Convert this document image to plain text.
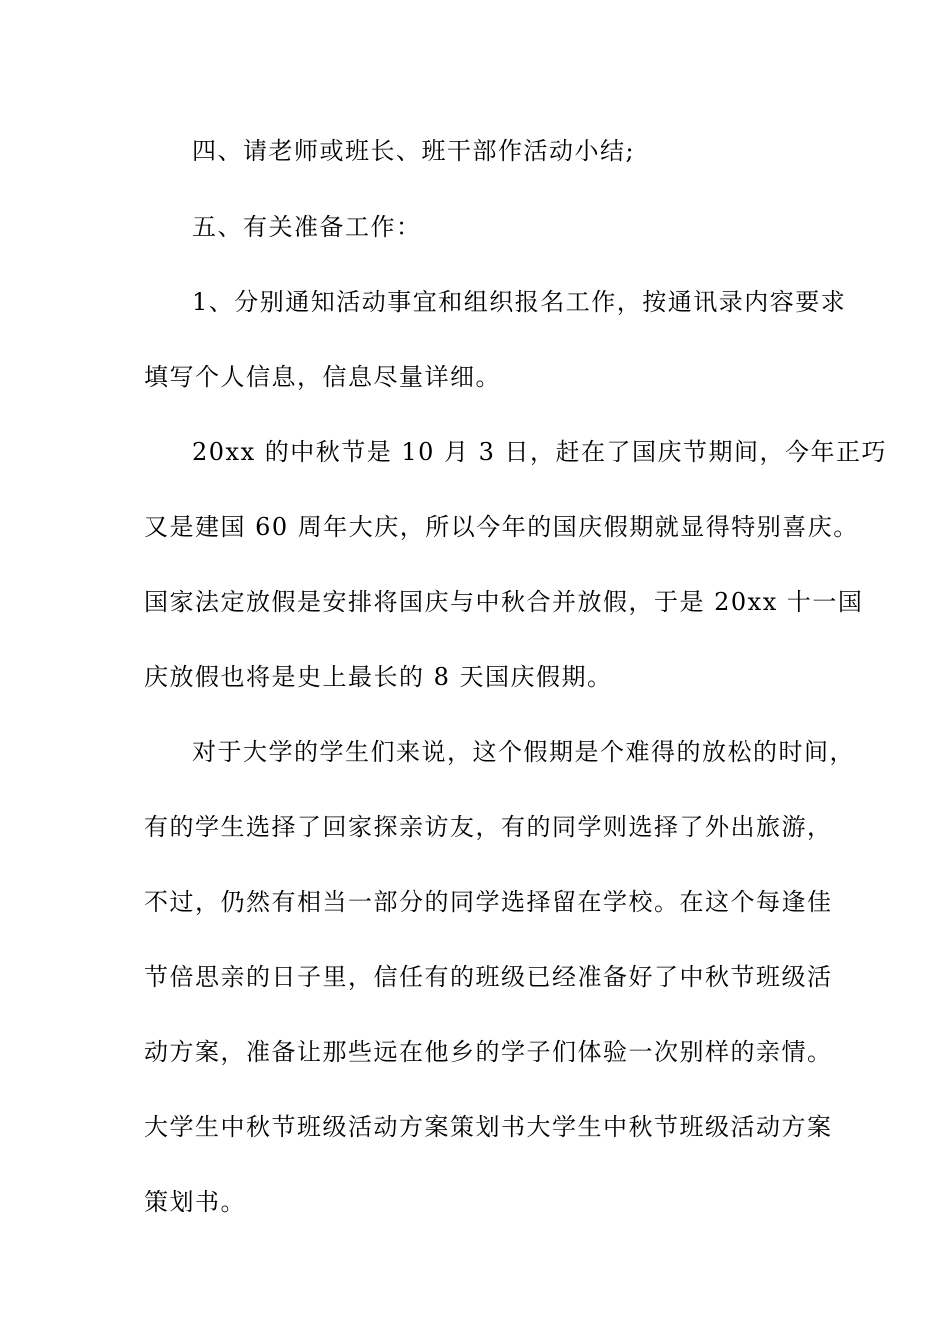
四、请老师或班长、班干部作活动小结;
五、有关准备工作：
1、分别通知活动事宜和组织报名工作，按通讯录内容要求
填写个人信息，信息尽量详细。
20xx 的中秋节是 10 月 3 日，赶在了国庆节期间，今年正巧
又是建国 60 周年大庆，所以今年的国庆假期就显得特别喜庆。
国家法定放假是安排将国庆与中秋合并放假，于是 20xx 十一国
庆放假也将是史上最长的 8 天国庆假期。
对于大学的学生们来说，这个假期是个难得的放松的时间，
有的学生选择了回家探亲访友，有的同学则选择了外出旅游，
不过，仍然有相当一部分的同学选择留在学校。在这个每逢佳
节倍思亲的日子里，信任有的班级已经准备好了中秋节班级活
动方案，准备让那些远在他乡的学子们体验一次别样的亲情。
大学生中秋节班级活动方案策划书大学生中秋节班级活动方案
策划书。
